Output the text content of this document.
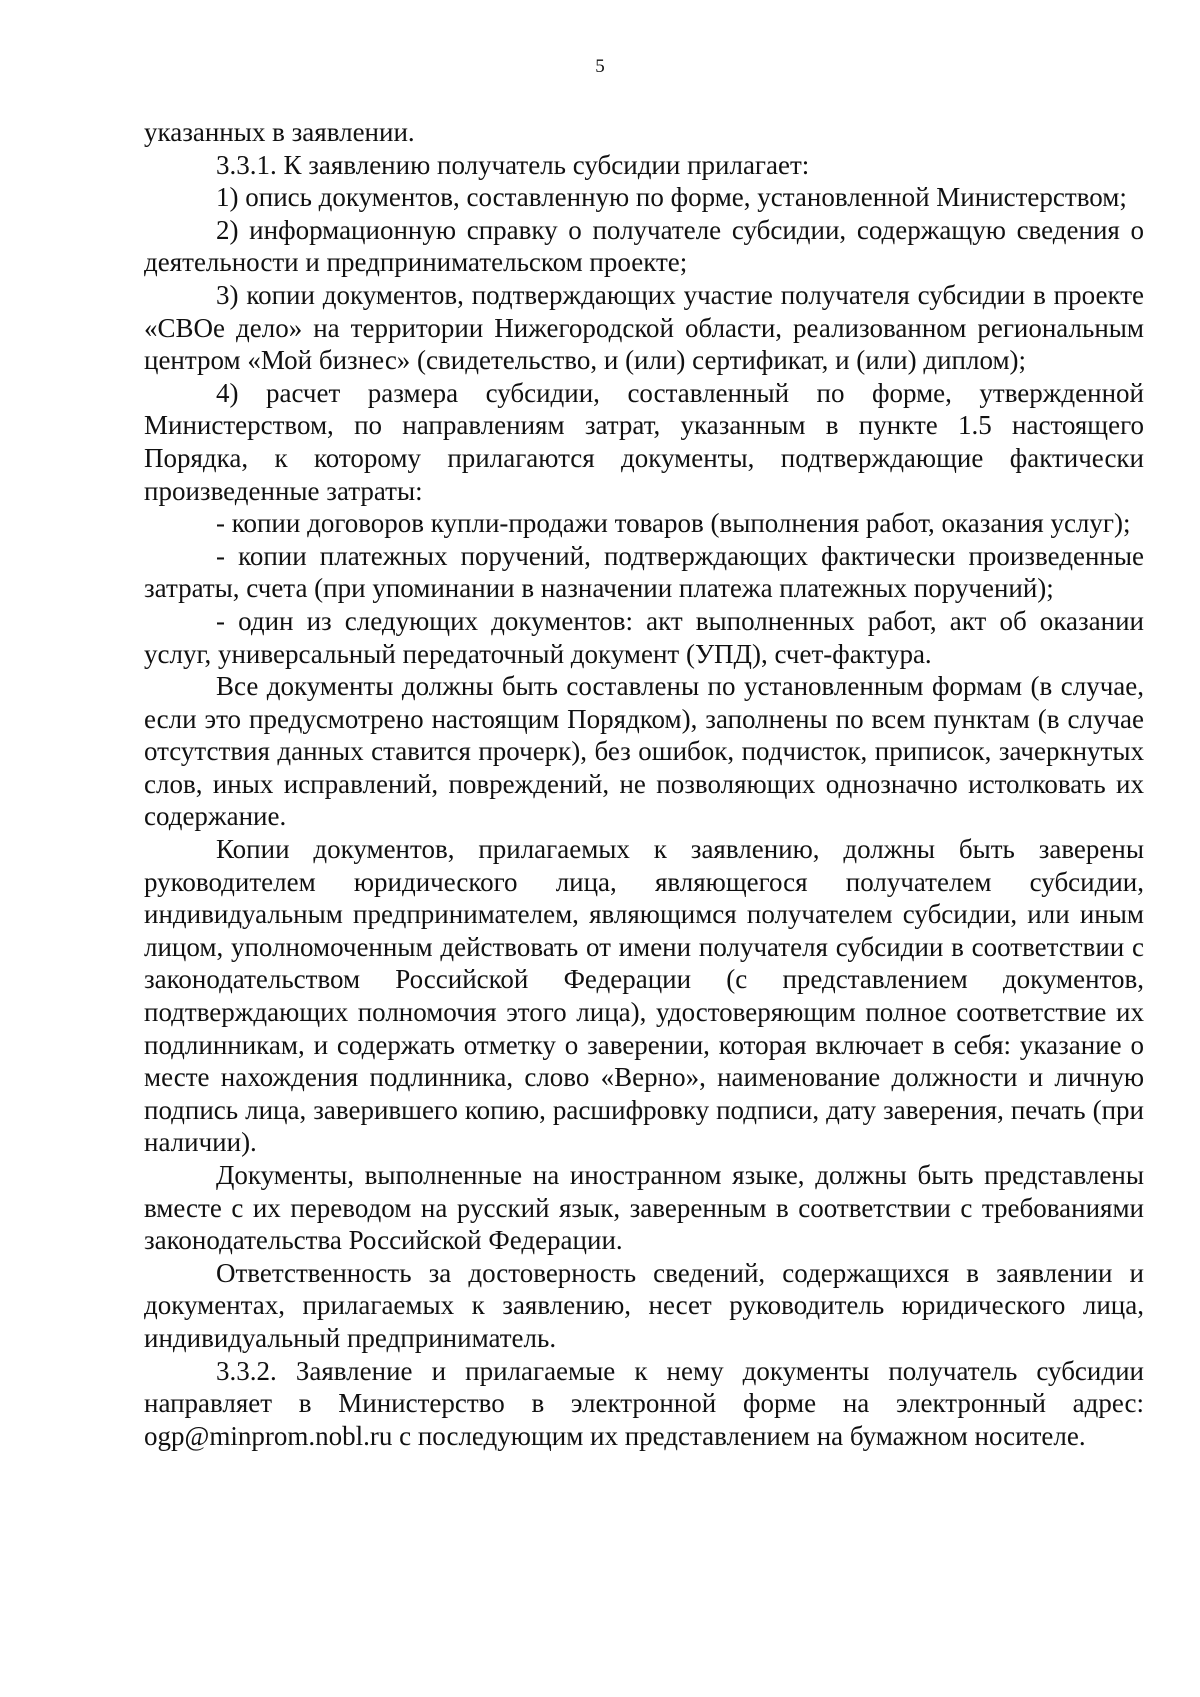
5

указанных в заявлении.

3.3.1. К заявлению получатель субсидии прилагает:

1) опись документов, составленную по форме, установленной Министерством;

2) информационную справку о получателе субсидии, содержащую сведения о деятельности и предпринимательском проекте;

3) копии документов, подтверждающих участие получателя субсидии в проекте «СВОе дело» на территории Нижегородской области, реализованном региональным центром «Мой бизнес» (свидетельство, и (или) сертификат, и (или) диплом);

4) расчет размера субсидии, составленный по форме, утвержденной Министерством, по направлениям затрат, указанным в пункте 1.5 настоящего Порядка, к которому прилагаются документы, подтверждающие фактически произведенные затраты:

- копии договоров купли-продажи товаров (выполнения работ, оказания услуг);

- копии платежных поручений, подтверждающих фактически произведенные затраты, счета (при упоминании в назначении платежа платежных поручений);

- один из следующих документов: акт выполненных работ, акт об оказании услуг, универсальный передаточный документ (УПД), счет-фактура.

Все документы должны быть составлены по установленным формам (в случае, если это предусмотрено настоящим Порядком), заполнены по всем пунктам (в случае отсутствия данных ставится прочерк), без ошибок, подчисток, приписок, зачеркнутых слов, иных исправлений, повреждений, не позволяющих однозначно истолковать их содержание.

Копии документов, прилагаемых к заявлению, должны быть заверены руководителем юридического лица, являющегося получателем субсидии, индивидуальным предпринимателем, являющимся получателем субсидии, или иным лицом, уполномоченным действовать от имени получателя субсидии в соответствии с законодательством Российской Федерации (с представлением документов, подтверждающих полномочия этого лица), удостоверяющим полное соответствие их подлинникам, и содержать отметку о заверении, которая включает в себя: указание о месте нахождения подлинника, слово «Верно», наименование должности и личную подпись лица, заверившего копию, расшифровку подписи, дату заверения, печать (при наличии).

Документы, выполненные на иностранном языке, должны быть представлены вместе с их переводом на русский язык, заверенным в соответствии с требованиями законодательства Российской Федерации.

Ответственность за достоверность сведений, содержащихся в заявлении и документах, прилагаемых к заявлению, несет руководитель юридического лица, индивидуальный предприниматель.

3.3.2. Заявление и прилагаемые к нему документы получатель субсидии направляет в Министерство в электронной форме на электронный адрес: ogp@minprom.nobl.ru с последующим их представлением на бумажном носителе.
